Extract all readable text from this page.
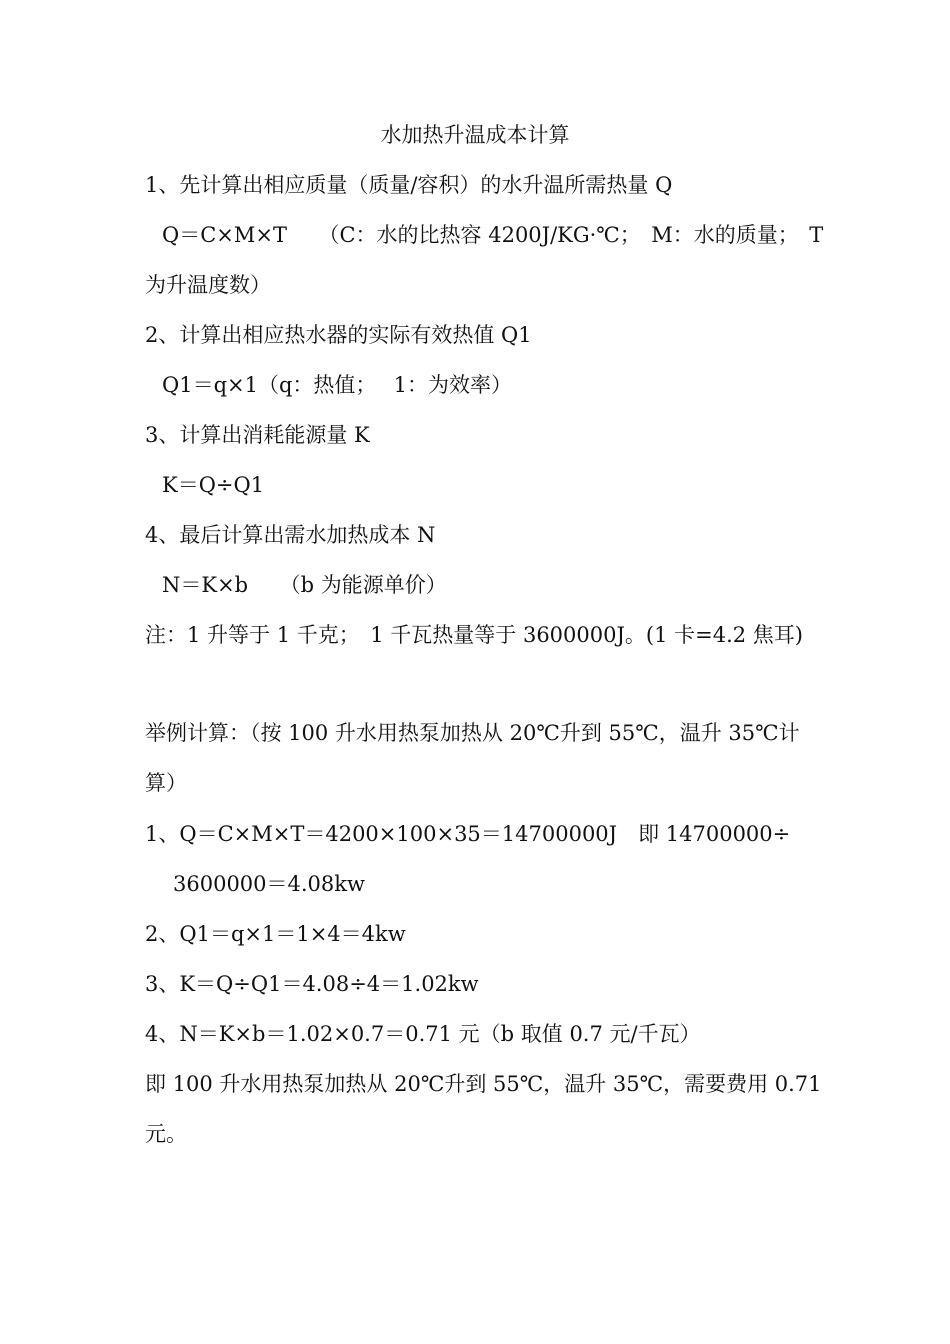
水加热升温成本计算
1、先计算出相应质量（质量/容积）的水升温所需热量 Q
Q＝C×M×T　　（C：水的比热容 4200J/KG·℃；　M：水的质量；　T
为升温度数）
2、计算出相应热水器的实际有效热值 Q1
Q1＝q×1（q：热值；　 1：为效率）
3、计算出消耗能源量 K
K＝Q÷Q1
4、最后计算出需水加热成本 N
N＝K×b　　（b 为能源单价）
注：1 升等于 1 千克；　1 千瓦热量等于 3600000J。(1 卡=4.2 焦耳)
举例计算：（按 100 升水用热泵加热从 20℃升到 55℃，温升 35℃计
算）
1、Q＝C×M×T＝4200×100×35＝14700000J　即 14700000÷
3600000＝4.08kw
2、Q1＝q×1＝1×4＝4kw
3、K＝Q÷Q1＝4.08÷4＝1.02kw
4、N＝K×b＝1.02×0.7＝0.71 元（b 取值 0.7 元/千瓦）
即 100 升水用热泵加热从 20℃升到 55℃，温升 35℃，需要费用 0.71
元。
